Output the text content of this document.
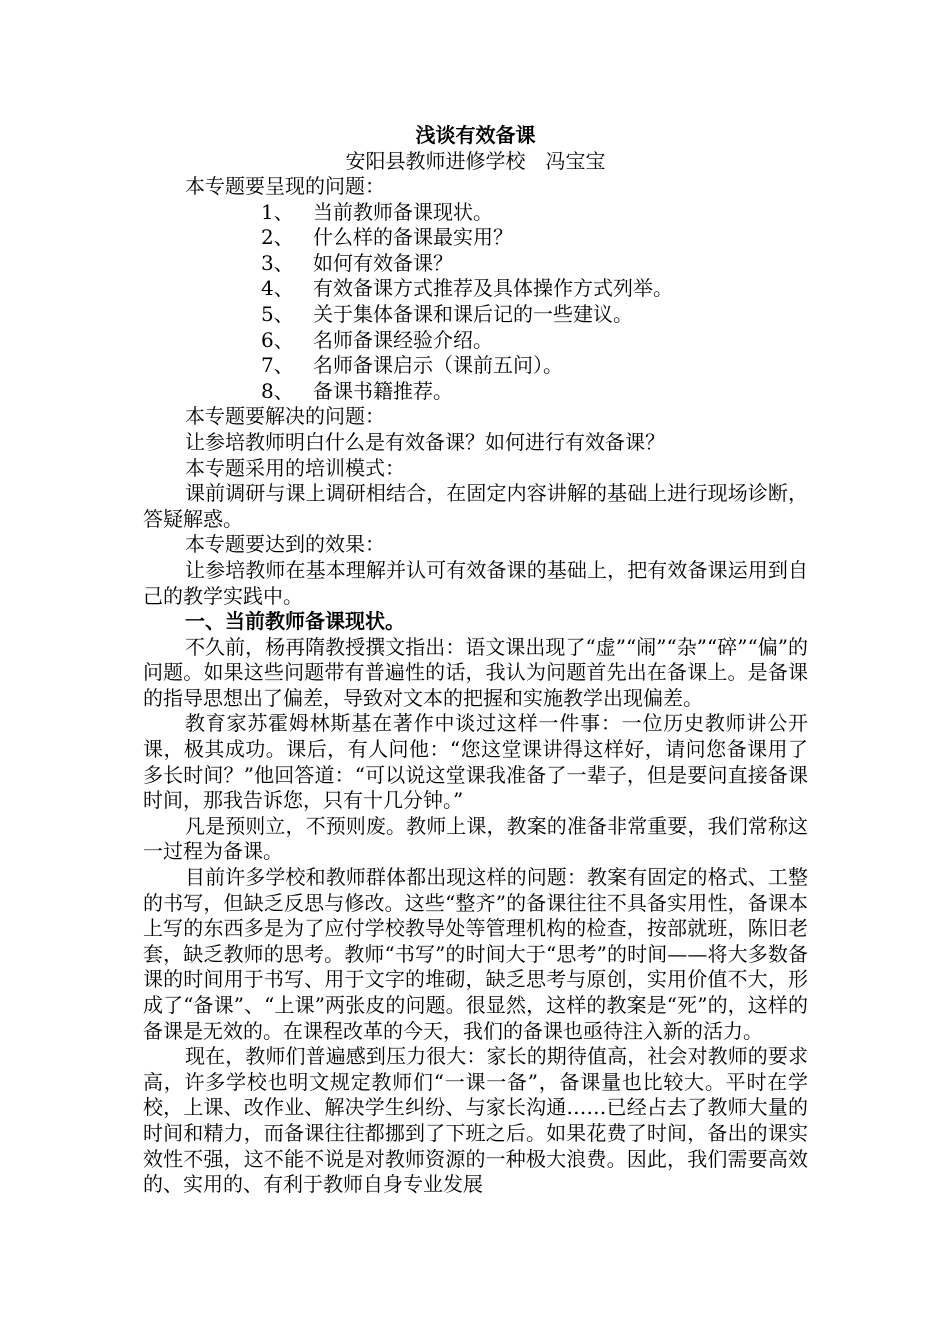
浅谈有效备课

安阳县教师进修学校　冯宝宝

本专题要呈现的问题：

1、 当前教师备课现状。

2、 什么样的备课最实用？

3、 如何有效备课？

4、 有效备课方式推荐及具体操作方式列举。

5、 关于集体备课和课后记的一些建议。

6、 名师备课经验介绍。

7、 名师备课启示（课前五问）。

8、 备课书籍推荐。

本专题要解决的问题：

让参培教师明白什么是有效备课？如何进行有效备课？

本专题采用的培训模式：

课前调研与课上调研相结合，在固定内容讲解的基础上进行现场诊断，答疑解惑。

本专题要达到的效果：

让参培教师在基本理解并认可有效备课的基础上，把有效备课运用到自己的教学实践中。

一、当前教师备课现状。

不久前，杨再隋教授撰文指出：语文课出现了“虚”“闹”“杂”“碎”“偏”的问题。如果这些问题带有普遍性的话，我认为问题首先出在备课上。是备课的指导思想出了偏差，导致对文本的把握和实施教学出现偏差。

教育家苏霍姆林斯基在著作中谈过这样一件事：一位历史教师讲公开课，极其成功。课后，有人问他：“您这堂课讲得这样好，请问您备课用了多长时间？”他回答道：“可以说这堂课我准备了一辈子，但是要问直接备课时间，那我告诉您，只有十几分钟。”

凡是预则立，不预则废。教师上课，教案的准备非常重要，我们常称这一过程为备课。

目前许多学校和教师群体都出现这样的问题：教案有固定的格式、工整的书写，但缺乏反思与修改。这些“整齐”的备课往往不具备实用性，备课本上写的东西多是为了应付学校教导处等管理机构的检查，按部就班，陈旧老套，缺乏教师的思考。教师“书写”的时间大于“思考”的时间——将大多数备课的时间用于书写、用于文字的堆砌，缺乏思考与原创，实用价值不大，形成了“备课”、“上课”两张皮的问题。很显然，这样的教案是“死”的，这样的备课是无效的。在课程改革的今天，我们的备课也亟待注入新的活力。

现在，教师们普遍感到压力很大：家长的期待值高，社会对教师的要求高，许多学校也明文规定教师们“一课一备”，备课量也比较大。平时在学校，上课、改作业、解决学生纠纷、与家长沟通……已经占去了教师大量的时间和精力，而备课往往都挪到了下班之后。如果花费了时间，备出的课实效性不强，这不能不说是对教师资源的一种极大浪费。因此，我们需要高效的、实用的、有利于教师自身专业发展
